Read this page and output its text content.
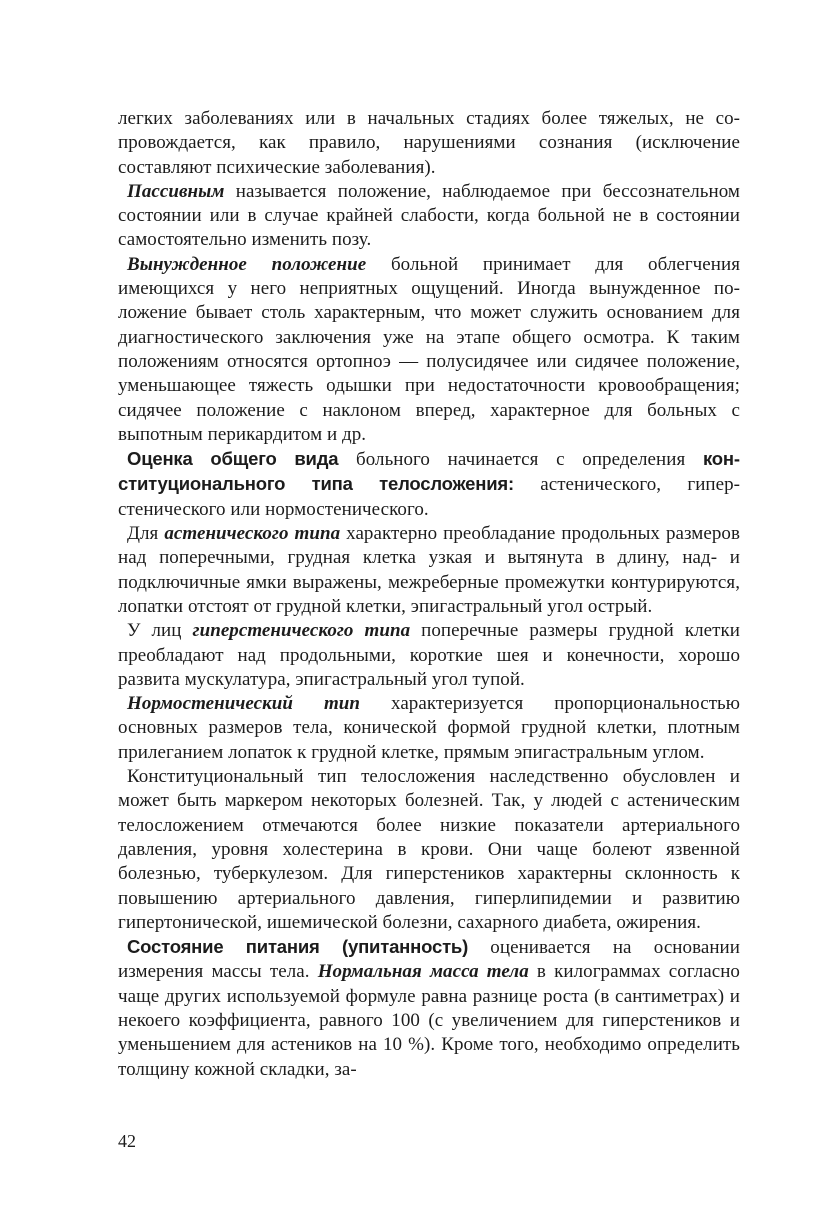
легких заболеваниях или в начальных стадиях более тяжелых, не сопровождается, как правило, нарушениями сознания (исключение составляют психические заболевания).

Пассивным называется положение, наблюдаемое при бессознательном состоянии или в случае крайней слабости, когда больной не в состоянии самостоятельно изменить позу.

Вынужденное положение больной принимает для облегчения имеющихся у него неприятных ощущений. Иногда вынужденное положение бывает столь характерным, что может служить основанием для диагностического заключения уже на этапе общего осмотра. К таким положениям относятся ортопноэ — полусидячее или сидячее положение, уменьшающее тяжесть одышки при недостаточности кровообращения; сидячее положение с наклоном вперед, характерное для больных с выпотным перикардитом и др.

Оценка общего вида больного начинается с определения конституционального типа телосложения: астенического, гиперстенического или нормостенического.

Для астенического типа характерно преобладание продольных размеров над поперечными, грудная клетка узкая и вытянута в длину, над- и подключичные ямки выражены, межреберные промежутки контурируются, лопатки отстоят от грудной клетки, эпигастральный угол острый.

У лиц гиперстенического типа поперечные размеры грудной клетки преобладают над продольными, короткие шея и конечности, хорошо развита мускулатура, эпигастральный угол тупой.

Нормостенический тип характеризуется пропорциональностью основных размеров тела, конической формой грудной клетки, плотным прилеганием лопаток к грудной клетке, прямым эпигастральным углом.

Конституциональный тип телосложения наследственно обусловлен и может быть маркером некоторых болезней. Так, у людей с астеническим телосложением отмечаются более низкие показатели артериального давления, уровня холестерина в крови. Они чаще болеют язвенной болезнью, туберкулезом. Для гиперстеников характерны склонность к повышению артериального давления, гиперлипидемии и развитию гипертонической, ишемической болезни, сахарного диабета, ожирения.

Состояние питания (упитанность) оценивается на основании измерения массы тела. Нормальная масса тела в килограммах согласно чаще других используемой формуле равна разнице роста (в сантиметрах) и некоего коэффициента, равного 100 (с увеличением для гиперстеников и уменьшением для астеников на 10 %). Кроме того, необходимо определить толщину кожной складки, за-

42
